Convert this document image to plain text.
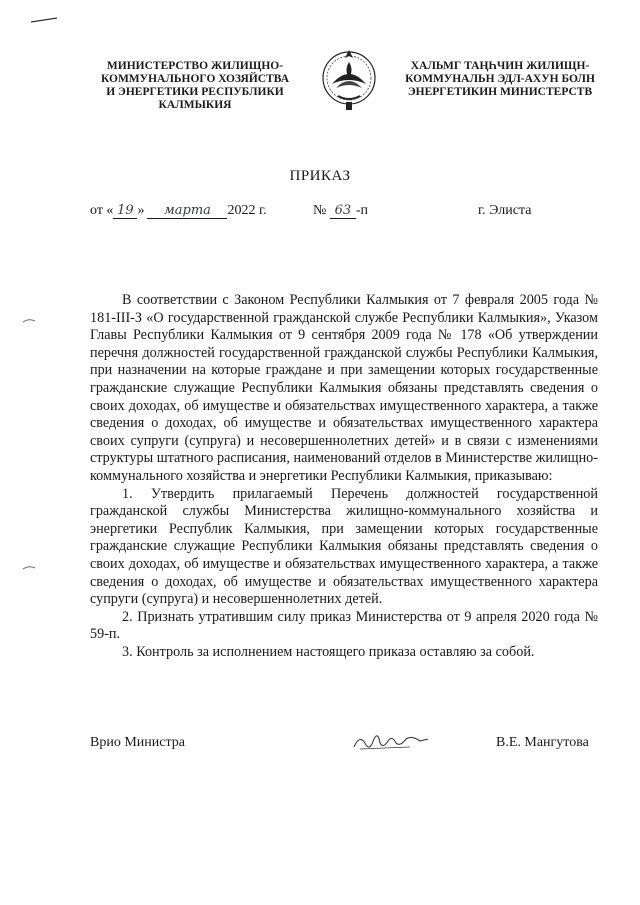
МИНИСТЕРСТВО ЖИЛИЩНО-КОММУНАЛЬНОГО ХОЗЯЙСТВА И ЭНЕРГЕТИКИ РЕСПУБЛИКИ КАЛМЫКИЯ
ХАЛЬМГ ТАҢҺЧИН ЖИЛИЩН-КОММУНАЛЬН ЭДЛ-АХУН БОЛН ЭНЕРГЕТИКИН МИНИСТЕРСТВ
ПРИКАЗ
от « 19 » марта 2022 г.	№ 63 -п	г. Элиста

В соответствии с Законом Республики Калмыкия от 7 февраля 2005 года № 181-III-З «О государственной гражданской службе Республики Калмыкия», Указом Главы Республики Калмыкия от 9 сентября 2009 года № 178 «Об утверждении перечня должностей государственной гражданской службы Республики Калмыкия, при назначении на которые граждане и при замещении которых государственные гражданские служащие Республики Калмыкия обязаны представлять сведения о своих доходах, об имуществе и обязательствах имущественного характера, а также сведения о доходах, об имуществе и обязательствах имущественного характера своих супруги (супруга) и несовершеннолетних детей» и в связи с изменениями структуры штатного расписания, наименований отделов в Министерстве жилищно-коммунального хозяйства и энергетики Республики Калмыкия, приказываю:

1. Утвердить прилагаемый Перечень должностей государственной гражданской службы Министерства жилищно-коммунального хозяйства и энергетики Республик Калмыкия, при замещении которых государственные гражданские служащие Республики Калмыкия обязаны представлять сведения о своих доходах, об имуществе и обязательствах имущественного характера, а также сведения о доходах, об имуществе и обязательствах имущественного характера супруги (супруга) и несовершеннолетних детей.

2. Признать утратившим силу приказ Министерства от 9 апреля 2020 года № 59-п.

3. Контроль за исполнением настоящего приказа оставляю за собой.

Врио Министра	В.Е. Мангутова
